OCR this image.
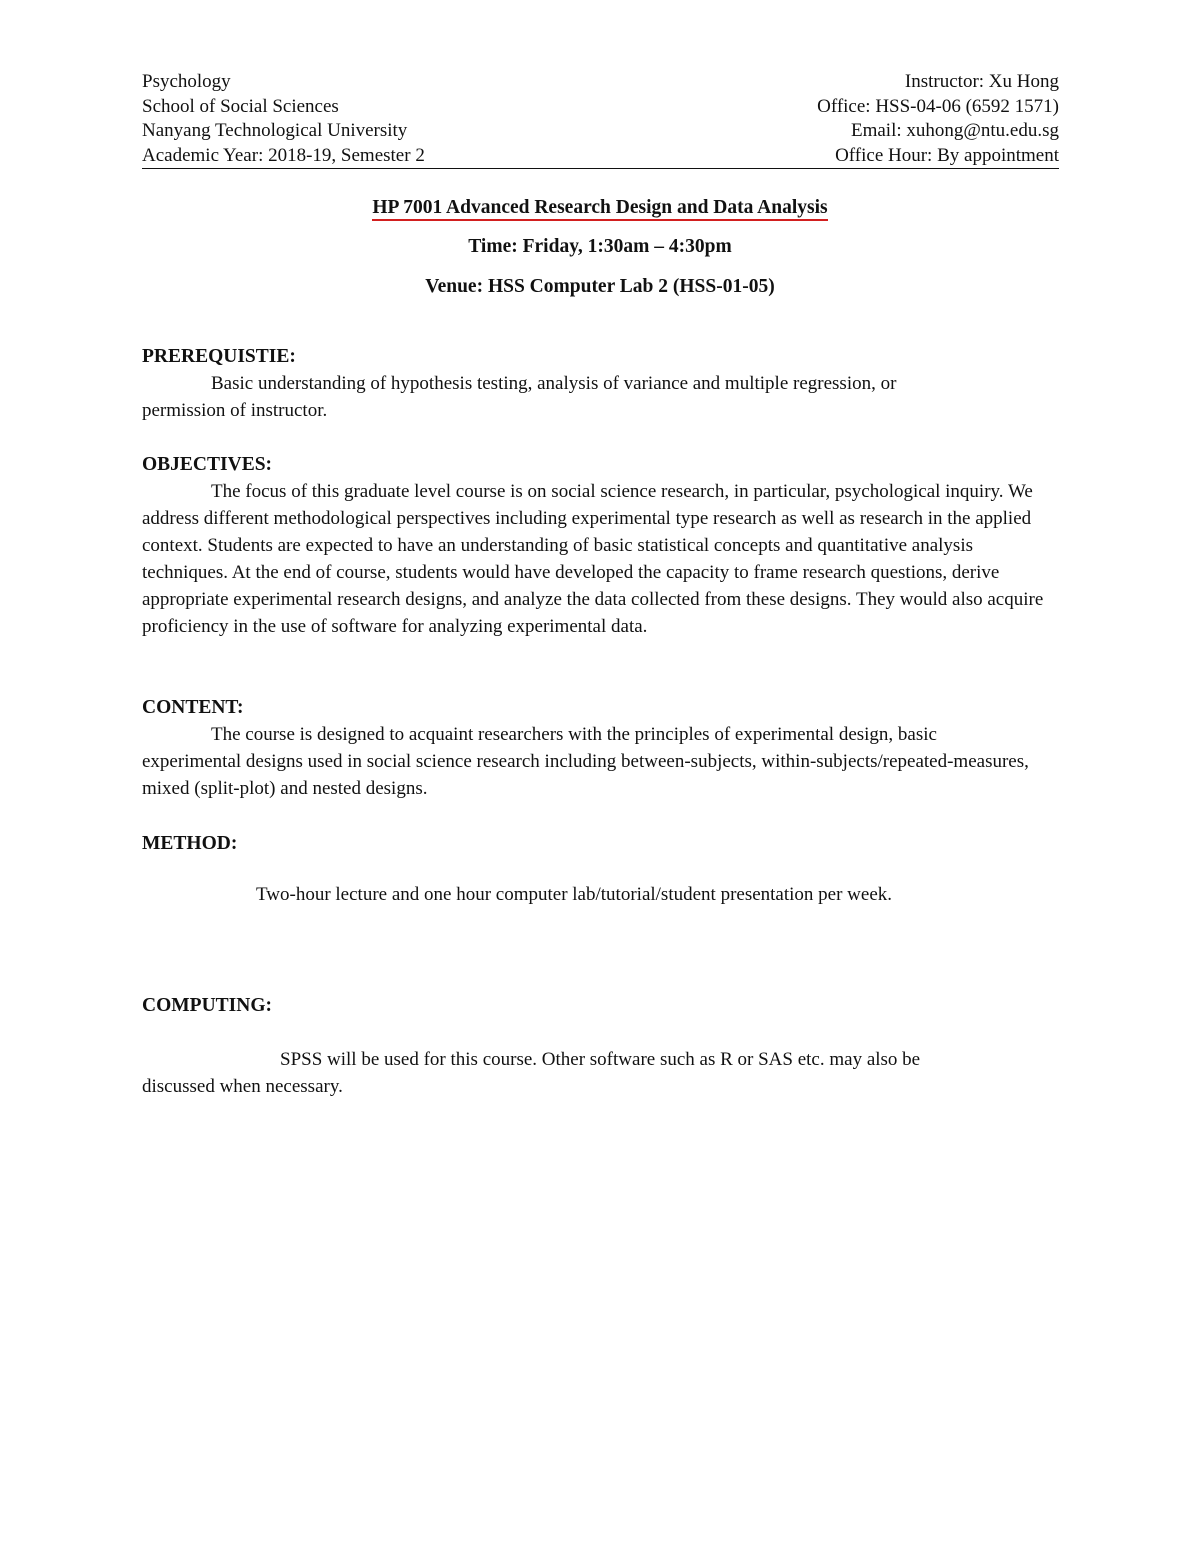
Psychology	Instructor: Xu Hong
School of Social Sciences	Office: HSS-04-06 (6592 1571)
Nanyang Technological University	Email: xuhong@ntu.edu.sg
Academic Year: 2018-19, Semester 2	Office Hour: By appointment
HP 7001 Advanced Research Design and Data Analysis
Time: Friday, 1:30am – 4:30pm
Venue: HSS Computer Lab 2 (HSS-01-05)
PREREQUISTIE:

Basic understanding of hypothesis testing, analysis of variance and multiple regression, or permission of instructor.

OBJECTIVES:

The focus of this graduate level course is on social science research, in particular, psychological inquiry. We address different methodological perspectives including experimental type research as well as research in the applied context. Students are expected to have an understanding of basic statistical concepts and quantitative analysis techniques. At the end of course, students would have developed the capacity to frame research questions, derive appropriate experimental research designs, and analyze the data collected from these designs. They would also acquire proficiency in the use of software for analyzing experimental data.

CONTENT:

The course is designed to acquaint researchers with the principles of experimental design, basic experimental designs used in social science research including between-subjects, within-subjects/repeated-measures, mixed (split-plot) and nested designs.

METHOD:
Two-hour lecture and one hour computer lab/tutorial/student presentation per week.
COMPUTING:

SPSS will be used for this course. Other software such as R or SAS etc. may also be discussed when necessary.
